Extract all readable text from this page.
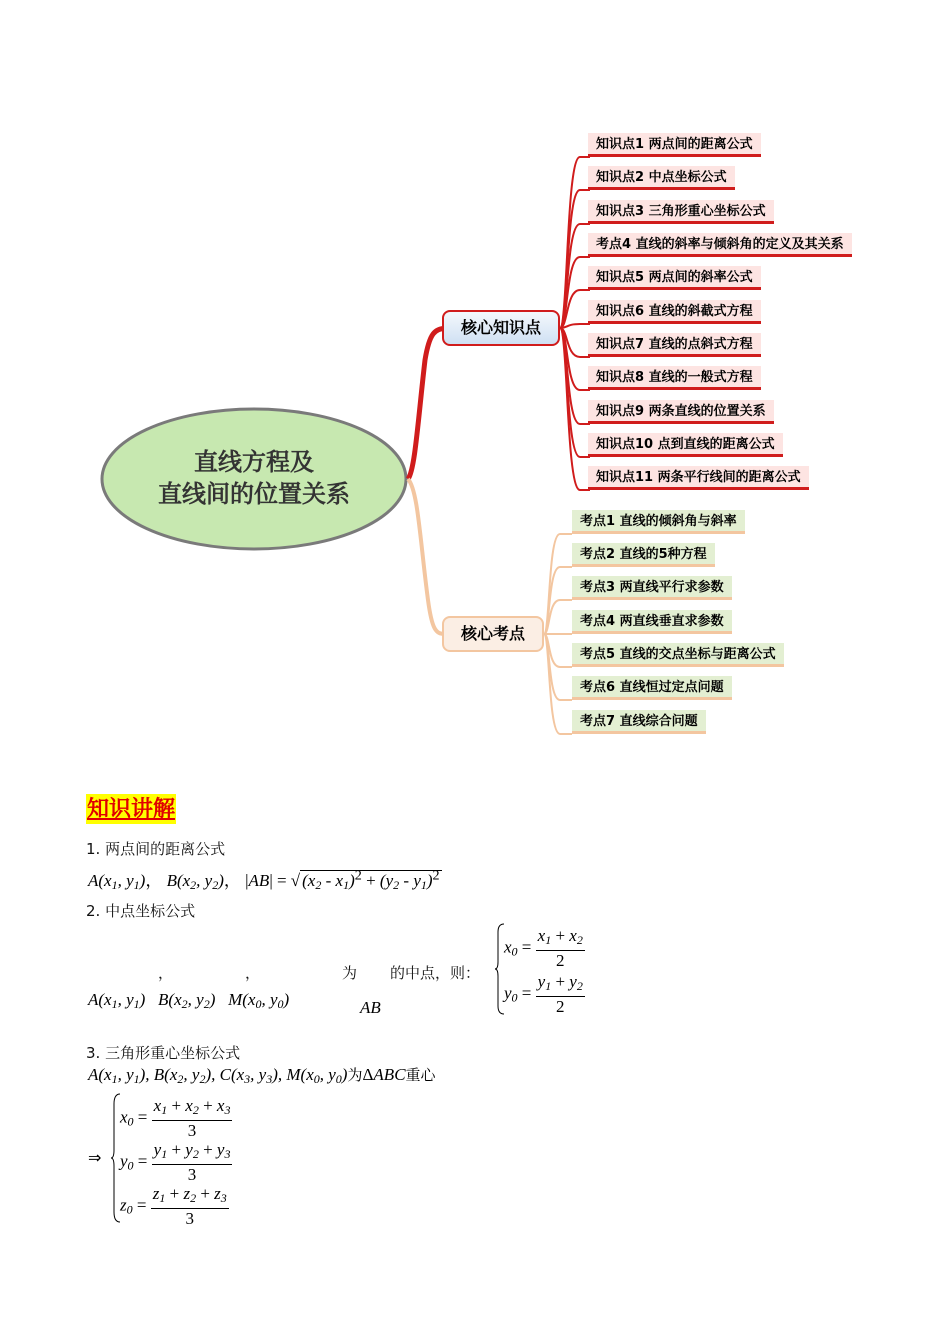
直线方程及
直线间的位置关系
核心知识点
核心考点
知识点1 两点间的距离公式
知识点2 中点坐标公式
知识点3 三角形重心坐标公式
考点4 直线的斜率与倾斜角的定义及其关系
知识点5 两点间的斜率公式
知识点6 直线的斜截式方程
知识点7 直线的点斜式方程
知识点8 直线的一般式方程
知识点9 两条直线的位置关系
知识点10 点到直线的距离公式
知识点11 两条平行线间的距离公式
考点1 直线的倾斜角与斜率
考点2 直线的5种方程
考点3 两直线平行求参数
考点4 两直线垂直求参数
考点5 直线的交点坐标与距离公式
考点6 直线恒过定点问题
考点7 直线综合问题
知识讲解
1. 两点间的距离公式
$A(x_1$, $y_1$)， $B(x_2$, $y_2$)， |AB| = √ $(x_2 - x_1)^2 + (y_2 - y_1)^2$
2. 中点坐标公式
，	，	为 的中点，则：
$A(x_1$, $y_1$)   $B(x_2$, $y_2$)   $M(x_0$, $y_0$)	AB
$x_0 = \frac{x_1 + x_2}{2}$
$y_0 = \frac{y_1 + y_2}{2}$
3. 三角形重心坐标公式
$A(x_1$, $y_1$), $B(x_2$, $y_2$), $C(x_3$, $y_3$), $M(x_0$, $y_0$)为ΔABC重心
⇒
$x_0 = \frac{x_1 + x_2 + x_3}{3}$
$y_0 = \frac{y_1 + y_2 + y_3}{3}$
$z_0 = \frac{z_1 + z_2 + z_3}{3}$
